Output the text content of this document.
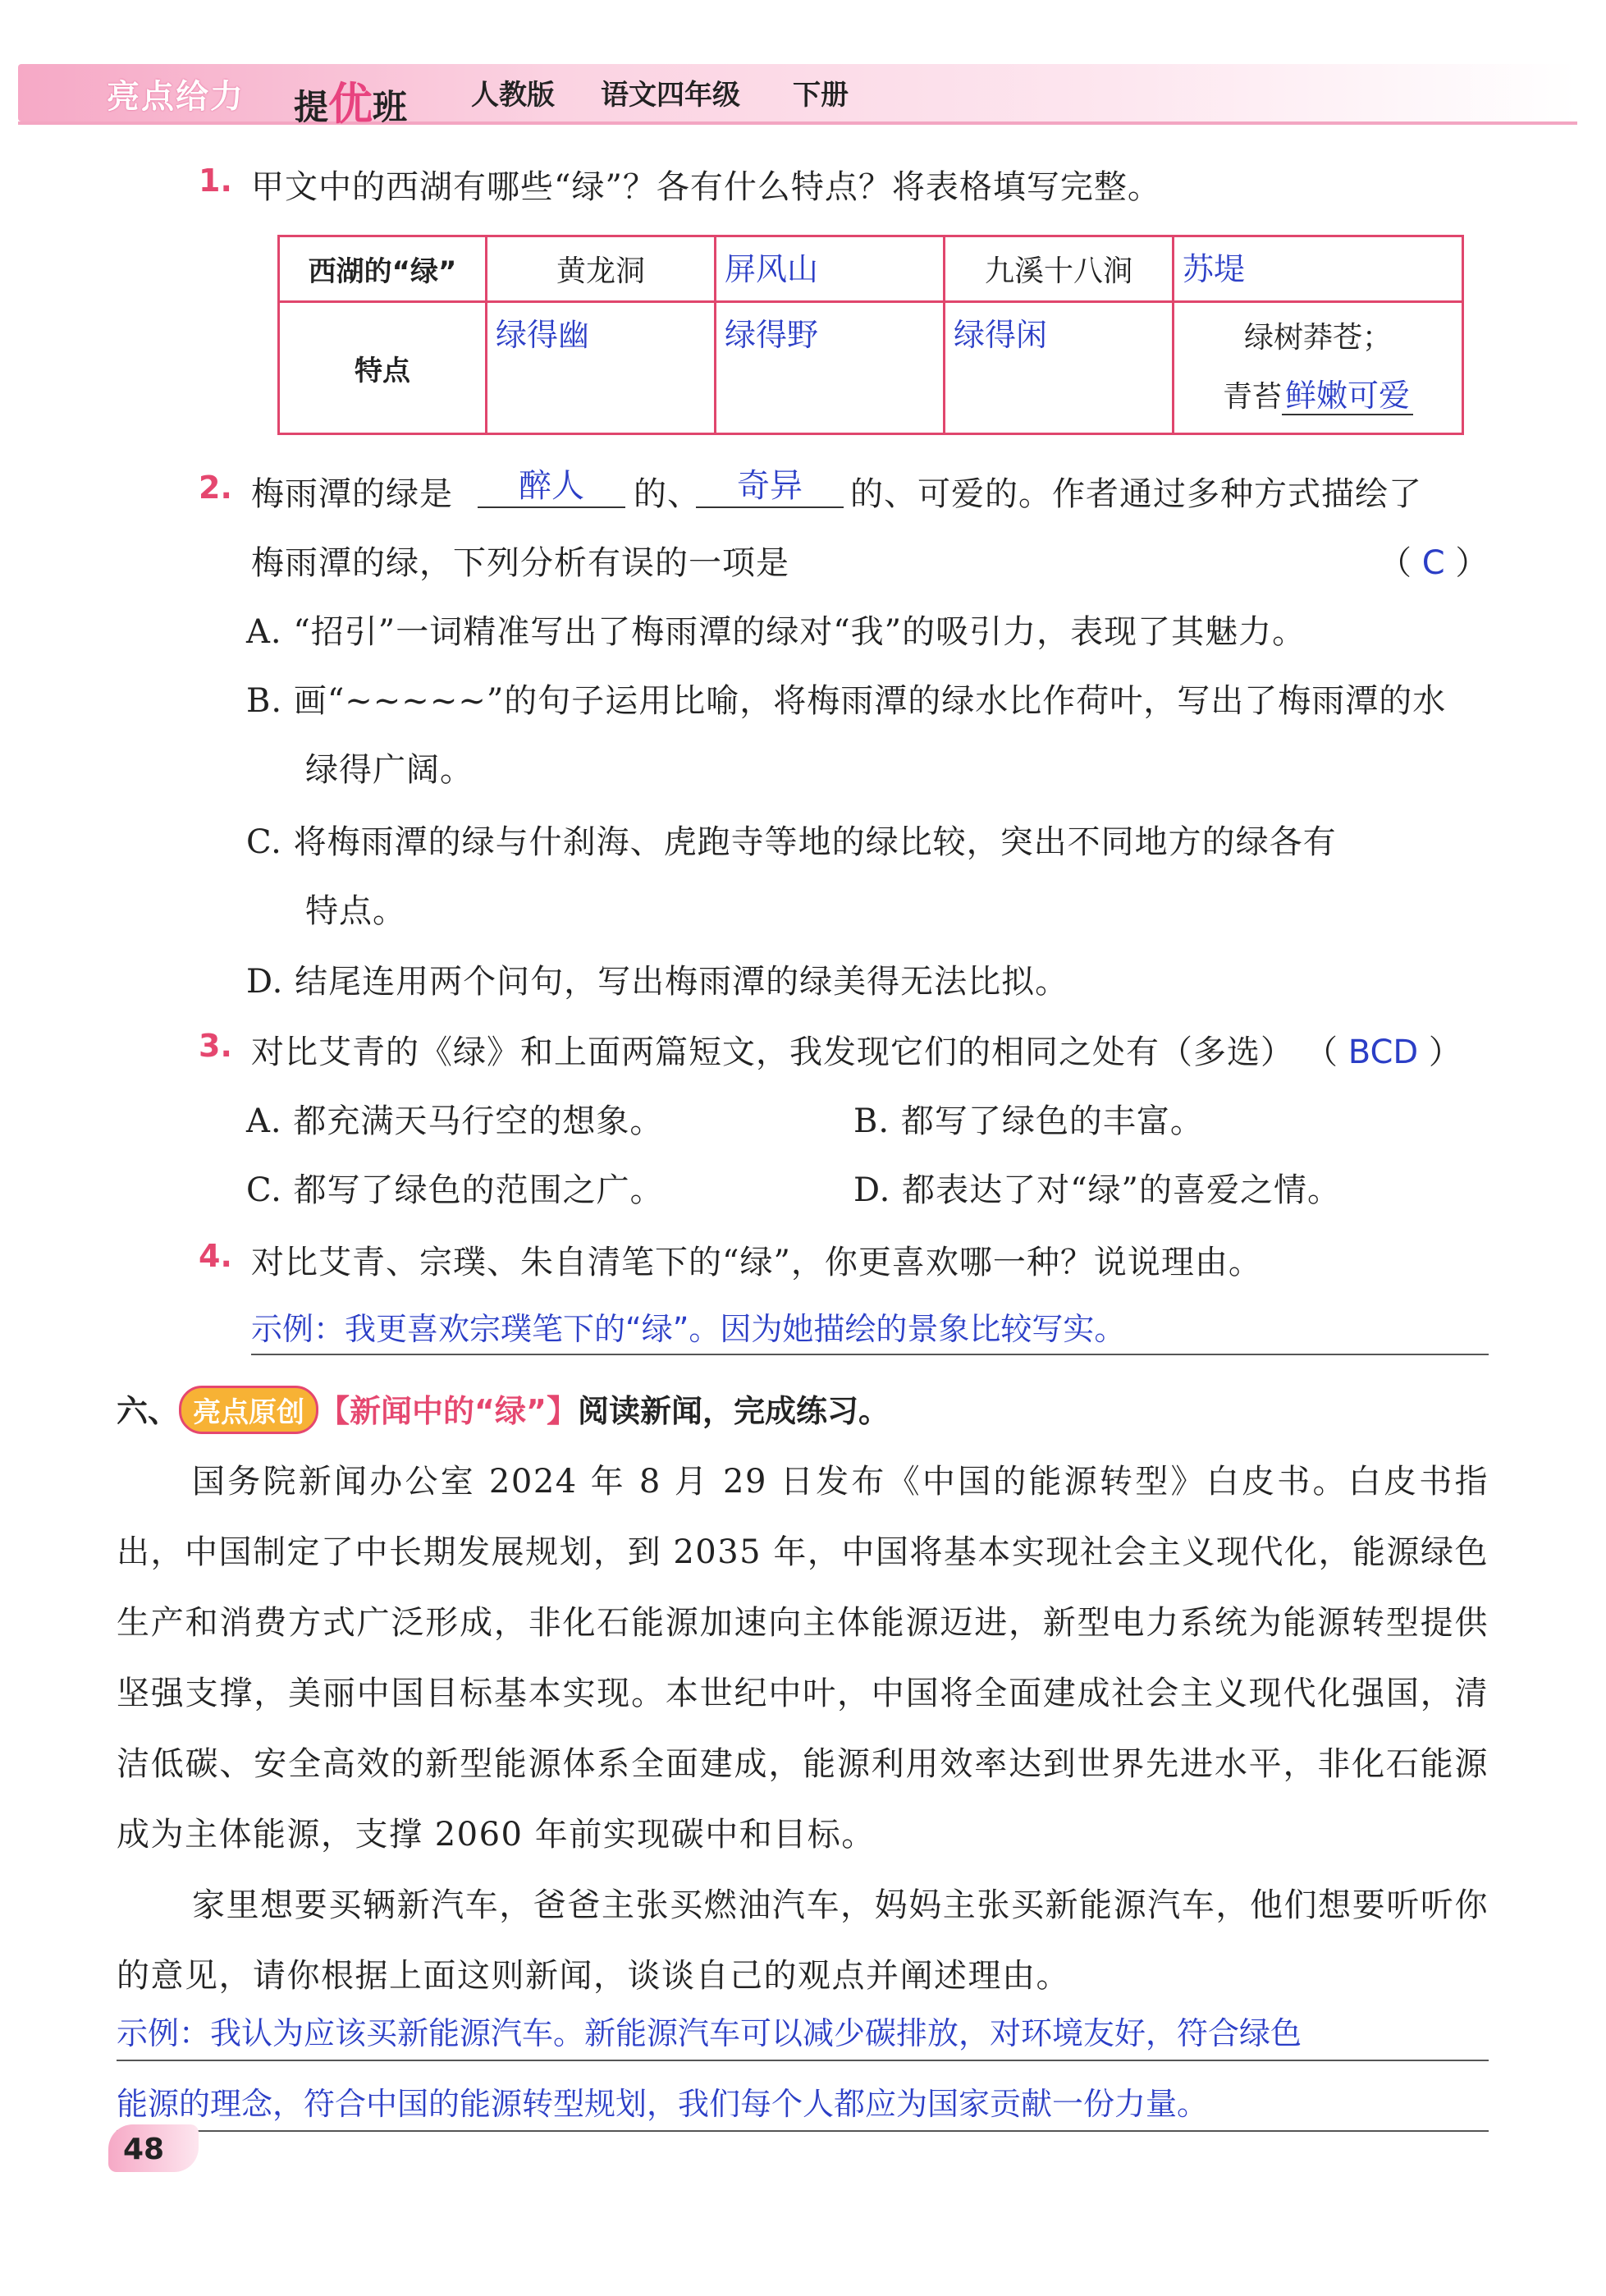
亮点给力 提优班 人教版 语文四年级 下册
1. 甲文中的西湖有哪些“绿”？各有什么特点？将表格填写完整。
西湖的“绿”	黄龙洞	屏风山	九溪十八涧	苏堤
特点	绿得幽	绿得野	绿得闲	绿树莽苍；
青苔 鲜嫩可爱
2. 梅雨潭的绿是	醉人	的、	奇异	的、可爱的。作者通过多种方式描绘了
梅雨潭的绿，下列分析有误的一项是	（ C ）
A. “招引”一词精准写出了梅雨潭的绿对“我”的吸引力，表现了其魅力。
B. 画“~~~~~”的句子运用比喻，将梅雨潭的绿水比作荷叶，写出了梅雨潭的水
绿得广阔。
C. 将梅雨潭的绿与什刹海、虎跑寺等地的绿比较，突出不同地方的绿各有
特点。
D. 结尾连用两个问句，写出梅雨潭的绿美得无法比拟。
3. 对比艾青的《绿》和上面两篇短文，我发现它们的相同之处有（多选） （ BCD ）
A. 都充满天马行空的想象。	B. 都写了绿色的丰富。
C. 都写了绿色的范围之广。	D. 都表达了对“绿”的喜爱之情。
4. 对比艾青、宗璞、朱自清笔下的“绿”，你更喜欢哪一种？说说理由。
示例：我更喜欢宗璞笔下的“绿”。因为她描绘的景象比较写实。
六、 亮点原创 【新闻中的“绿”】阅读新闻，完成练习。
国务院新闻办公室 2024 年 8 月 29 日发布《中国的能源转型》白皮书。白皮书指出，中国制定了中长期发展规划，到 2035 年，中国将基本实现社会主义现代化，能源绿色生产和消费方式广泛形成，非化石能源加速向主体能源迈进，新型电力系统为能源转型提供坚强支撑，美丽中国目标基本实现。本世纪中叶，中国将全面建成社会主义现代化强国，清洁低碳、安全高效的新型能源体系全面建成，能源利用效率达到世界先进水平，非化石能源成为主体能源，支撑 2060 年前实现碳中和目标。
家里想要买辆新汽车，爸爸主张买燃油汽车，妈妈主张买新能源汽车，他们想要听听你的意见，请你根据上面这则新闻，谈谈自己的观点并阐述理由。
示例：我认为应该买新能源汽车。新能源汽车可以减少碳排放，对环境友好，符合绿色
能源的理念，符合中国的能源转型规划，我们每个人都应为国家贡献一份力量。
48
